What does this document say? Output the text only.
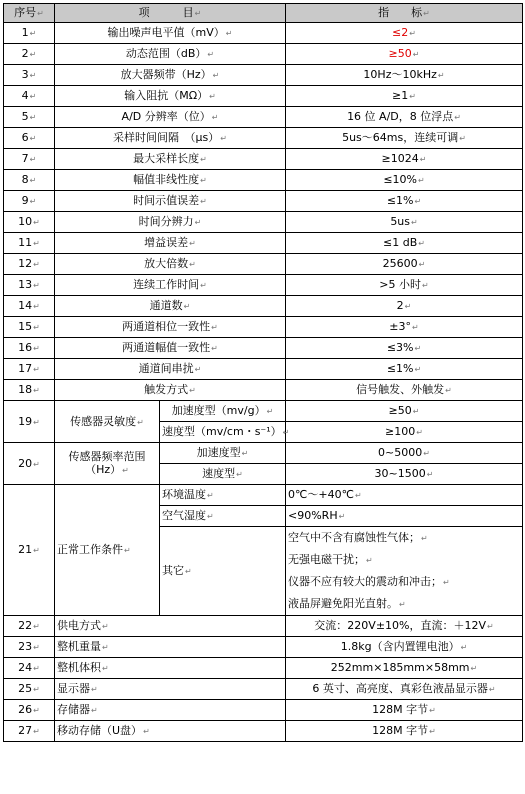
序号↵	项　　　目↵		指　　标↵
1↵	输出噪声电平值（mV）↵		≤2↵
2↵	动态范围（dB）↵		≥50↵
3↵	放大器频带（Hz）↵		10Hz～10kHz↵
4↵	输入阻抗（MΩ）↵		≥1↵
5↵	A/D 分辨率（位）↵		16 位 A/D，8 位浮点↵
6↵	采样时间间隔　（μs）↵		5us～64ms，连续可调↵
7↵	最大采样长度↵		≥1024↵
8↵	幅值非线性度↵		≤10%↵
9↵	时间示值误差↵		≤1%↵
10↵	时间分辨力↵		5us↵
11↵	增益误差↵		≤1 dB↵
12↵	放大倍数↵		25600↵
13↵	连续工作时间↵		>5 小时↵
14↵	通道数↵		2↵
15↵	两通道相位一致性↵		±3°↵
16↵	两通道幅值一致性↵		≤3%↵
17↵	通道间串扰↵		≤1%↵
18↵	触发方式↵		信号触发、外触发↵
19↵	传感器灵敏度↵	加速度型（mv/g）↵	≥50↵
		速度型（mv/cm・s⁻¹）↵	≥100↵
20↵	传感器频率范围
（Hz）↵	加速度型↵	0~5000↵
		速度型↵	30~1500↵
21↵	正常工作条件↵	环境温度↵	0℃～+40℃↵
		空气湿度↵	<90%RH↵
		其它↵	空气中不含有腐蚀性气体；↵
无强电磁干扰；↵
仪器不应有较大的震动和冲击；↵
液晶屏避免阳光直射。↵

22↵	供电方式↵		交流：220V±10%，直流：＋12V↵
23↵	整机重量↵		1.8kg（含内置锂电池）↵
24↵	整机体积↵		252mm×185mm×58mm↵
25↵	显示器↵		6 英寸、高亮度、真彩色液晶显示器↵
26↵	存储器↵		128M 字节↵
27↵	移动存储（U盘）↵		128M 字节↵
